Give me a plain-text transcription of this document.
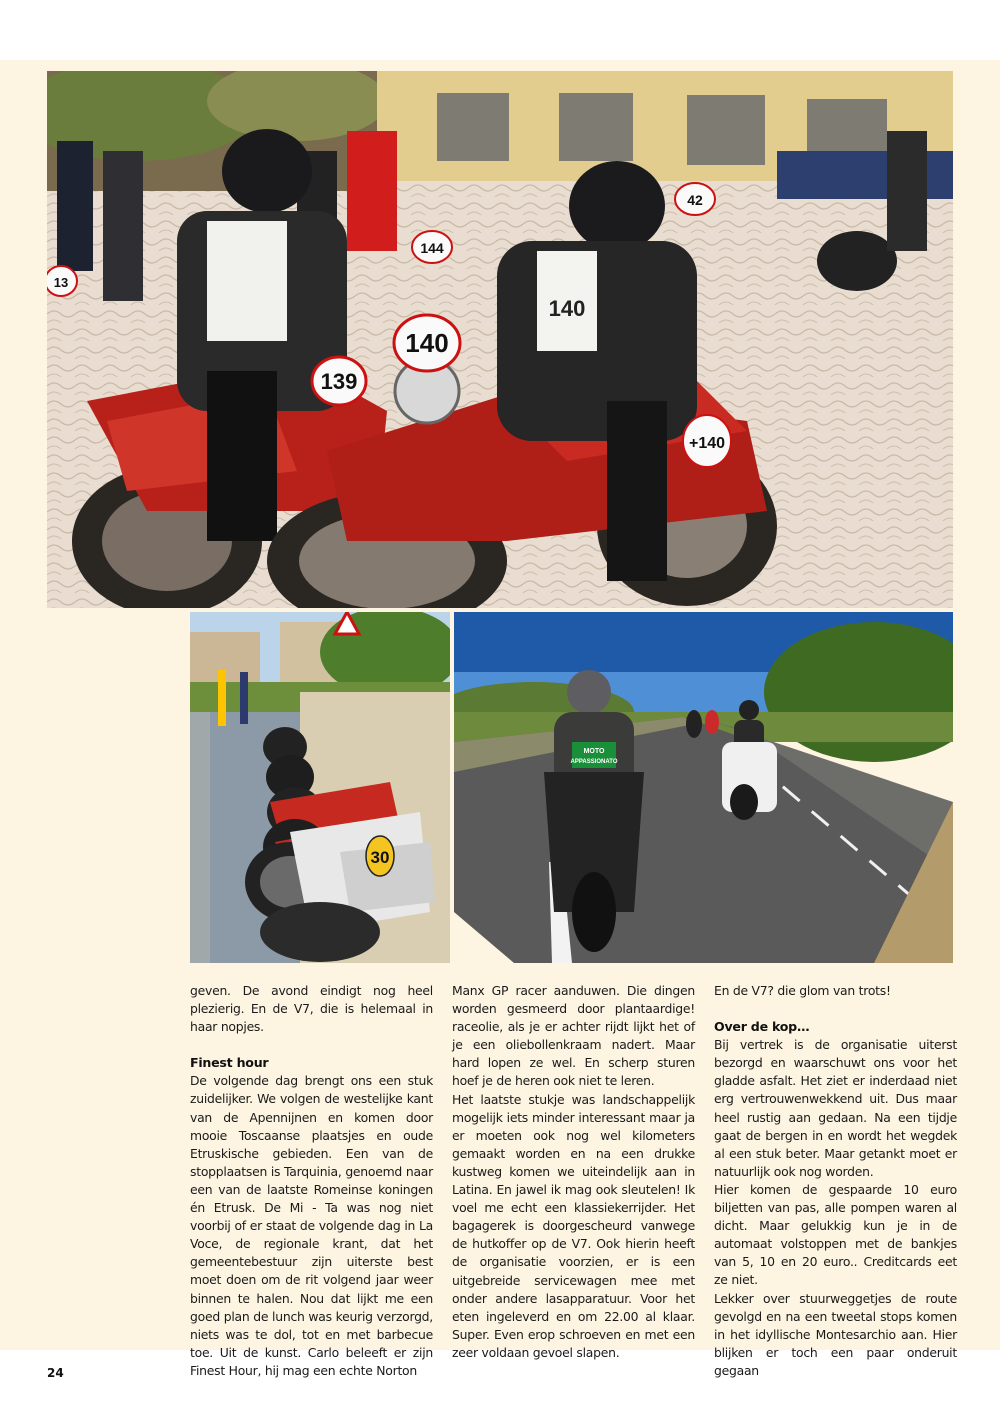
139
140
144
42
13
+140
140
30
MOTO
APPASSIONATO

geven. De avond eindigt nog heel plezierig. En de V7, die is helemaal in haar nopjes.

Finest hour

De volgende dag brengt ons een stuk zuidelijker. We volgen de westelijke kant van de Apennijnen en komen door mooie Toscaanse plaatsjes en oude Etruskische gebieden. Een van de stopplaatsen is Tarquinia, genoemd naar een van de laatste Romeinse koningen én Etrusk. De Mi - Ta was nog niet voorbij of er staat de volgende dag in La Voce, de regionale krant, dat het gemeentebestuur zijn uiterste best moet doen om de rit volgend jaar weer binnen te halen. Nou dat lijkt me een goed plan de lunch was keurig verzorgd, niets was te dol, tot en met barbecue toe. Uit de kunst. Carlo beleeft er zijn Finest Hour, hij mag een echte Norton

Manx GP racer aanduwen. Die dingen worden gesmeerd door plantaardige! raceolie, als je er achter rijdt lijkt het of je een oliebollenkraam nadert. Maar hard lopen ze wel. En scherp sturen hoef je de heren ook niet te leren.

Het laatste stukje was landschappelijk mogelijk iets minder interessant maar ja er moeten ook nog wel kilometers gemaakt worden en na een drukke kustweg komen we uiteindelijk aan in Latina. En jawel ik mag ook sleutelen! Ik voel me echt een klassiekerrijder. Het bagagerek is doorgescheurd vanwege de hutkoffer op de V7. Ook hierin heeft de organisatie voorzien, er is een uitgebreide servicewagen mee met onder andere lasapparatuur. Voor het eten ingeleverd en om 22.00 al klaar. Super. Even erop schroeven en met een zeer voldaan gevoel slapen.

En de V7? die glom van trots!

Over de kop…

Bij vertrek is de organisatie uiterst bezorgd en waarschuwt ons voor het gladde asfalt. Het ziet er inderdaad niet erg vertrouwenwekkend uit. Dus maar heel rustig aan gedaan. Na een tijdje gaat de bergen in en wordt het wegdek al een stuk beter. Maar getankt moet er natuurlijk ook nog worden.

Hier komen de gespaarde 10 euro biljetten van pas, alle pompen waren al dicht. Maar gelukkig kun je in de automaat volstoppen met de bankjes van 5, 10 en 20 euro.. Creditcards eet ze niet.

Lekker over stuurweggetjes de route gevolgd en na een tweetal stops komen in het idyllische Montesarchio aan. Hier blijken er toch een paar onderuit gegaan

24
